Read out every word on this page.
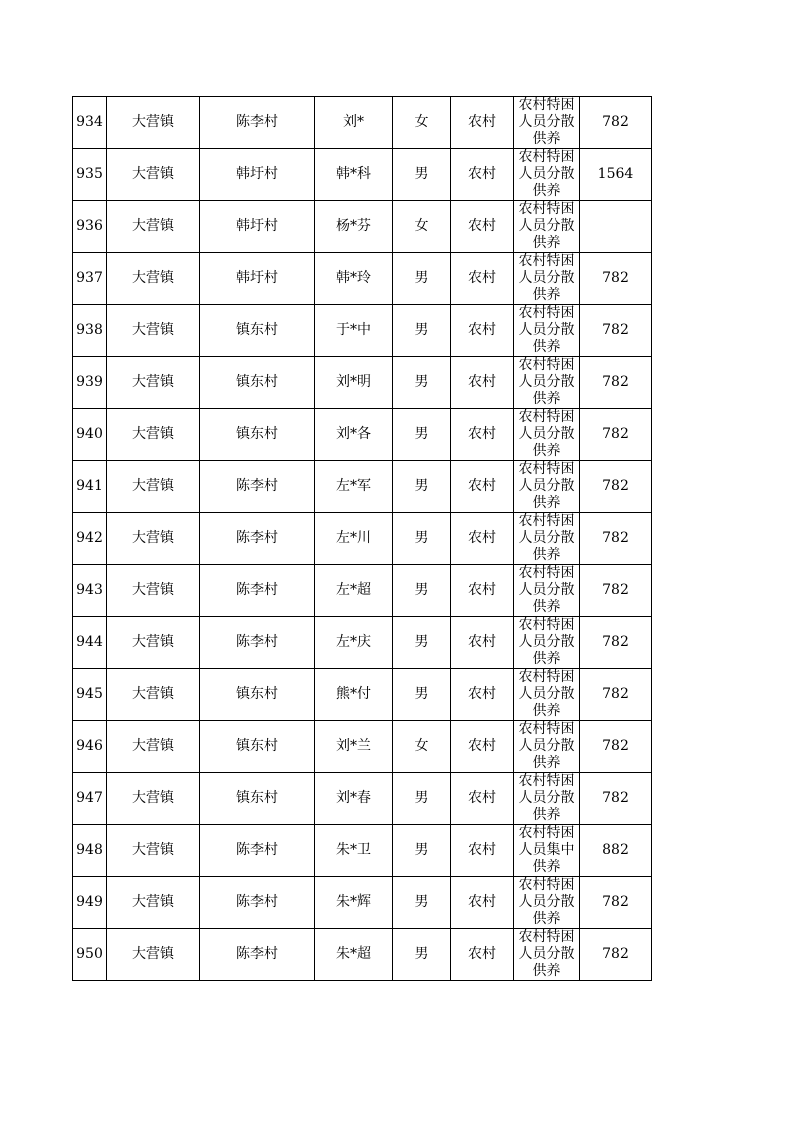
934	大营镇	陈李村	刘*	女	农村	农村特困人员分散供养	782
935	大营镇	韩圩村	韩*科	男	农村	农村特困人员分散供养	1564
936	大营镇	韩圩村	杨*芬	女	农村	农村特困人员分散供养	

937	大营镇	韩圩村	韩*玲	男	农村	农村特困人员分散供养	782
938	大营镇	镇东村	于*中	男	农村	农村特困人员分散供养	782
939	大营镇	镇东村	刘*明	男	农村	农村特困人员分散供养	782
940	大营镇	镇东村	刘*各	男	农村	农村特困人员分散供养	782
941	大营镇	陈李村	左*军	男	农村	农村特困人员分散供养	782
942	大营镇	陈李村	左*川	男	农村	农村特困人员分散供养	782
943	大营镇	陈李村	左*超	男	农村	农村特困人员分散供养	782
944	大营镇	陈李村	左*庆	男	农村	农村特困人员分散供养	782
945	大营镇	镇东村	熊*付	男	农村	农村特困人员分散供养	782
946	大营镇	镇东村	刘*兰	女	农村	农村特困人员分散供养	782
947	大营镇	镇东村	刘*春	男	农村	农村特困人员分散供养	782
948	大营镇	陈李村	朱*卫	男	农村	农村特困人员集中供养	882
949	大营镇	陈李村	朱*辉	男	农村	农村特困人员分散供养	782
950	大营镇	陈李村	朱*超	男	农村	农村特困人员分散供养	782
